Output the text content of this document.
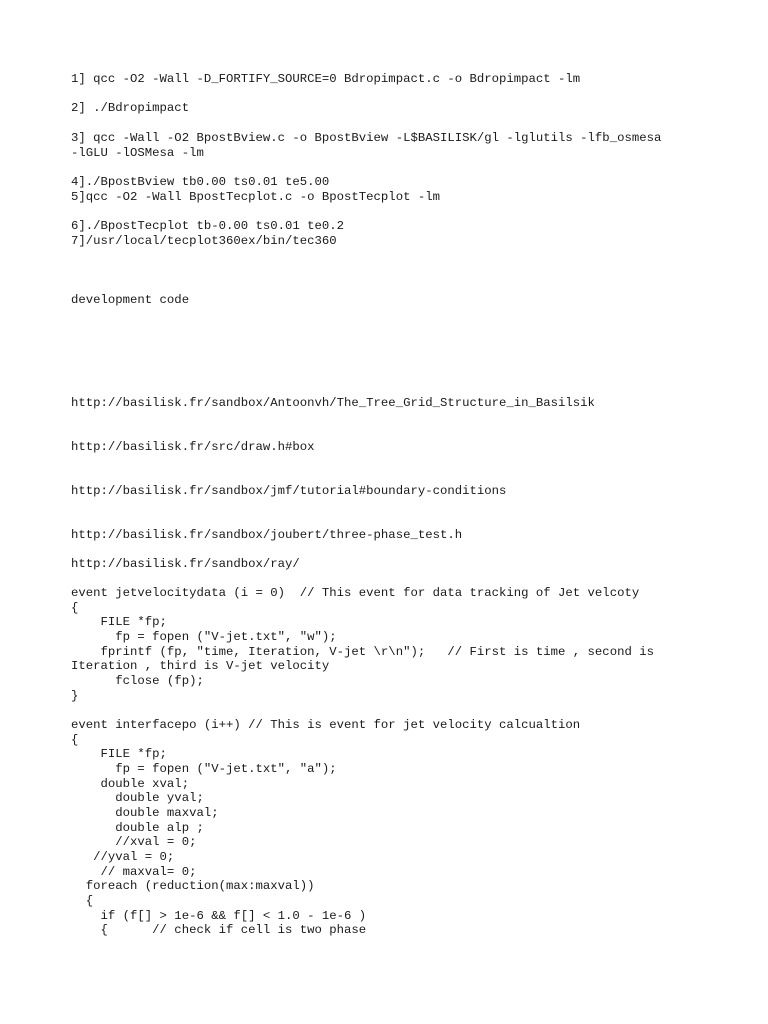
1] qcc -O2 -Wall -D_FORTIFY_SOURCE=0 Bdropimpact.c -o Bdropimpact -lm
2] ./Bdropimpact
3] qcc -Wall -O2 BpostBview.c -o BpostBview -L$BASILISK/gl -lglutils -lfb_osmesa
-lGLU -lOSMesa -lm
4]./BpostBview tb0.00 ts0.01 te5.00
5]qcc -O2 -Wall BpostTecplot.c -o BpostTecplot -lm
6]./BpostTecplot tb-0.00 ts0.01 te0.2
7]/usr/local/tecplot360ex/bin/tec360
development code
http://basilisk.fr/sandbox/Antoonvh/The_Tree_Grid_Structure_in_Basilsik
http://basilisk.fr/src/draw.h#box
http://basilisk.fr/sandbox/jmf/tutorial#boundary-conditions
http://basilisk.fr/sandbox/joubert/three-phase_test.h
http://basilisk.fr/sandbox/ray/
event jetvelocitydata (i = 0)  // This event for data tracking of Jet velcoty
{
FILE *fp;
fp = fopen ("V-jet.txt", "w");
fprintf (fp, "time, Iteration, V-jet \r\n");   // First is time , second is
Iteration , third is V-jet velocity
fclose (fp);
}
event interfacepo (i++) // This is event for jet velocity calcualtion
{
FILE *fp;
fp = fopen ("V-jet.txt", "a");
double xval;
double yval;
double maxval;
double alp ;
//xval = 0;
//yval = 0;
// maxval= 0;
foreach (reduction(max:maxval))
{
if (f[] > 1e-6 && f[] < 1.0 - 1e-6 )
{      // check if cell is two phase
